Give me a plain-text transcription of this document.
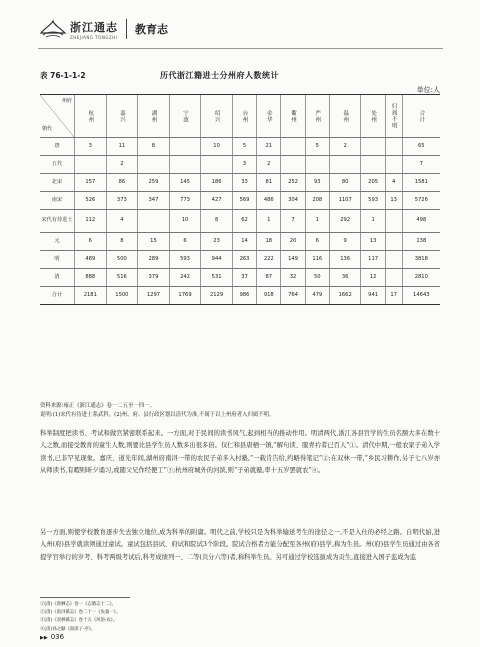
浙江通志
ZHEJIANG TONGZHI
教育志
表 76-1-1-2	历代浙江籍进士分州府人数统计
单位:人
州府
朝代	杭州	嘉兴	湖州	宁波	绍兴	台州	金华	衢州	严州	温州	处州	归属不明	合计

唐	3	11	8		10	5	21		5	2			65
五代		2				3	2						7
北宋	157	86	259	145	186	33	81	252	93	80	205	4	1581
南宋	526	373	347	773	427	569	486	304	208	1107	593	13	5726
宋代有待进士	112	4		10	8	62	1	7	1	292	1		498
元	6	8	15	6	23	14	18	20	6	9	13		138
明	489	500	289	593	944	263	222	149	116	136	117		3818
清	888	516	379	242	531	37	87	32	50	36	12		2810
合计	2181	1500	1297	1769	2129	986	918	764	479	1662	941	17	14643
资料来源:雍正《浙江通志》卷一二五至一四一。
说明:(1)宋代有待进士系武科。(2)州、府、县行政区划以清代为准,不属于以上州府者入归属不明。
科举制度把读书、考试和做官紧密联系起来。一方面,对于民间的读书风气,起到相当的推动作用。明清两代,浙江各县官学的生员名额大多在数十人之数,而接受教育的童生人数,则要比县学生员人数多出很多倍。仅仁和县唐栖一镇,“解句读、服青衿者已百人”①。清代中期,一般农家子弟入学读书,已非罕见现象。嘉庆、道光年间,湖州府南浔一带的农民子弟多入村塾,“一载肯告给,约略得笔记”②;在双林一带,“乡民习耕作,另子七八岁亦从师读书,有暇则昕夕诵习,或随父兄作经便工”③;杭州府城外的河滨,则“子弟就塾,率十五岁罢就农”④。
另一方面,则使学校教育逐步失去独立地位,成为科举的附庸。明代之前,学校只是为科举输送考生的途径之一,不是入仕的必经之路。自明代始,进入州(府)县学就读须通过童试。童试包括县试、府试和院试3个阶段。院试合格者方能分配至各州(府)县学,称为生员。州(府)县学生员通过由各省提学官举行的岁考、科考两级考试后,科考成绩列一、二等(共分六等)者,称科举生员。另可通过学校选拔成为贡生,直接进入国子监成为监
①(清)《唐栖志》卷一《志塘志十二》。
②(清)《南浔镇志》卷二十一《农桑一》。
③(清)《双林镇志》卷十五《风俗·农》。
④(清)孙之騄《南漳子·序》。
▶▶ 036
